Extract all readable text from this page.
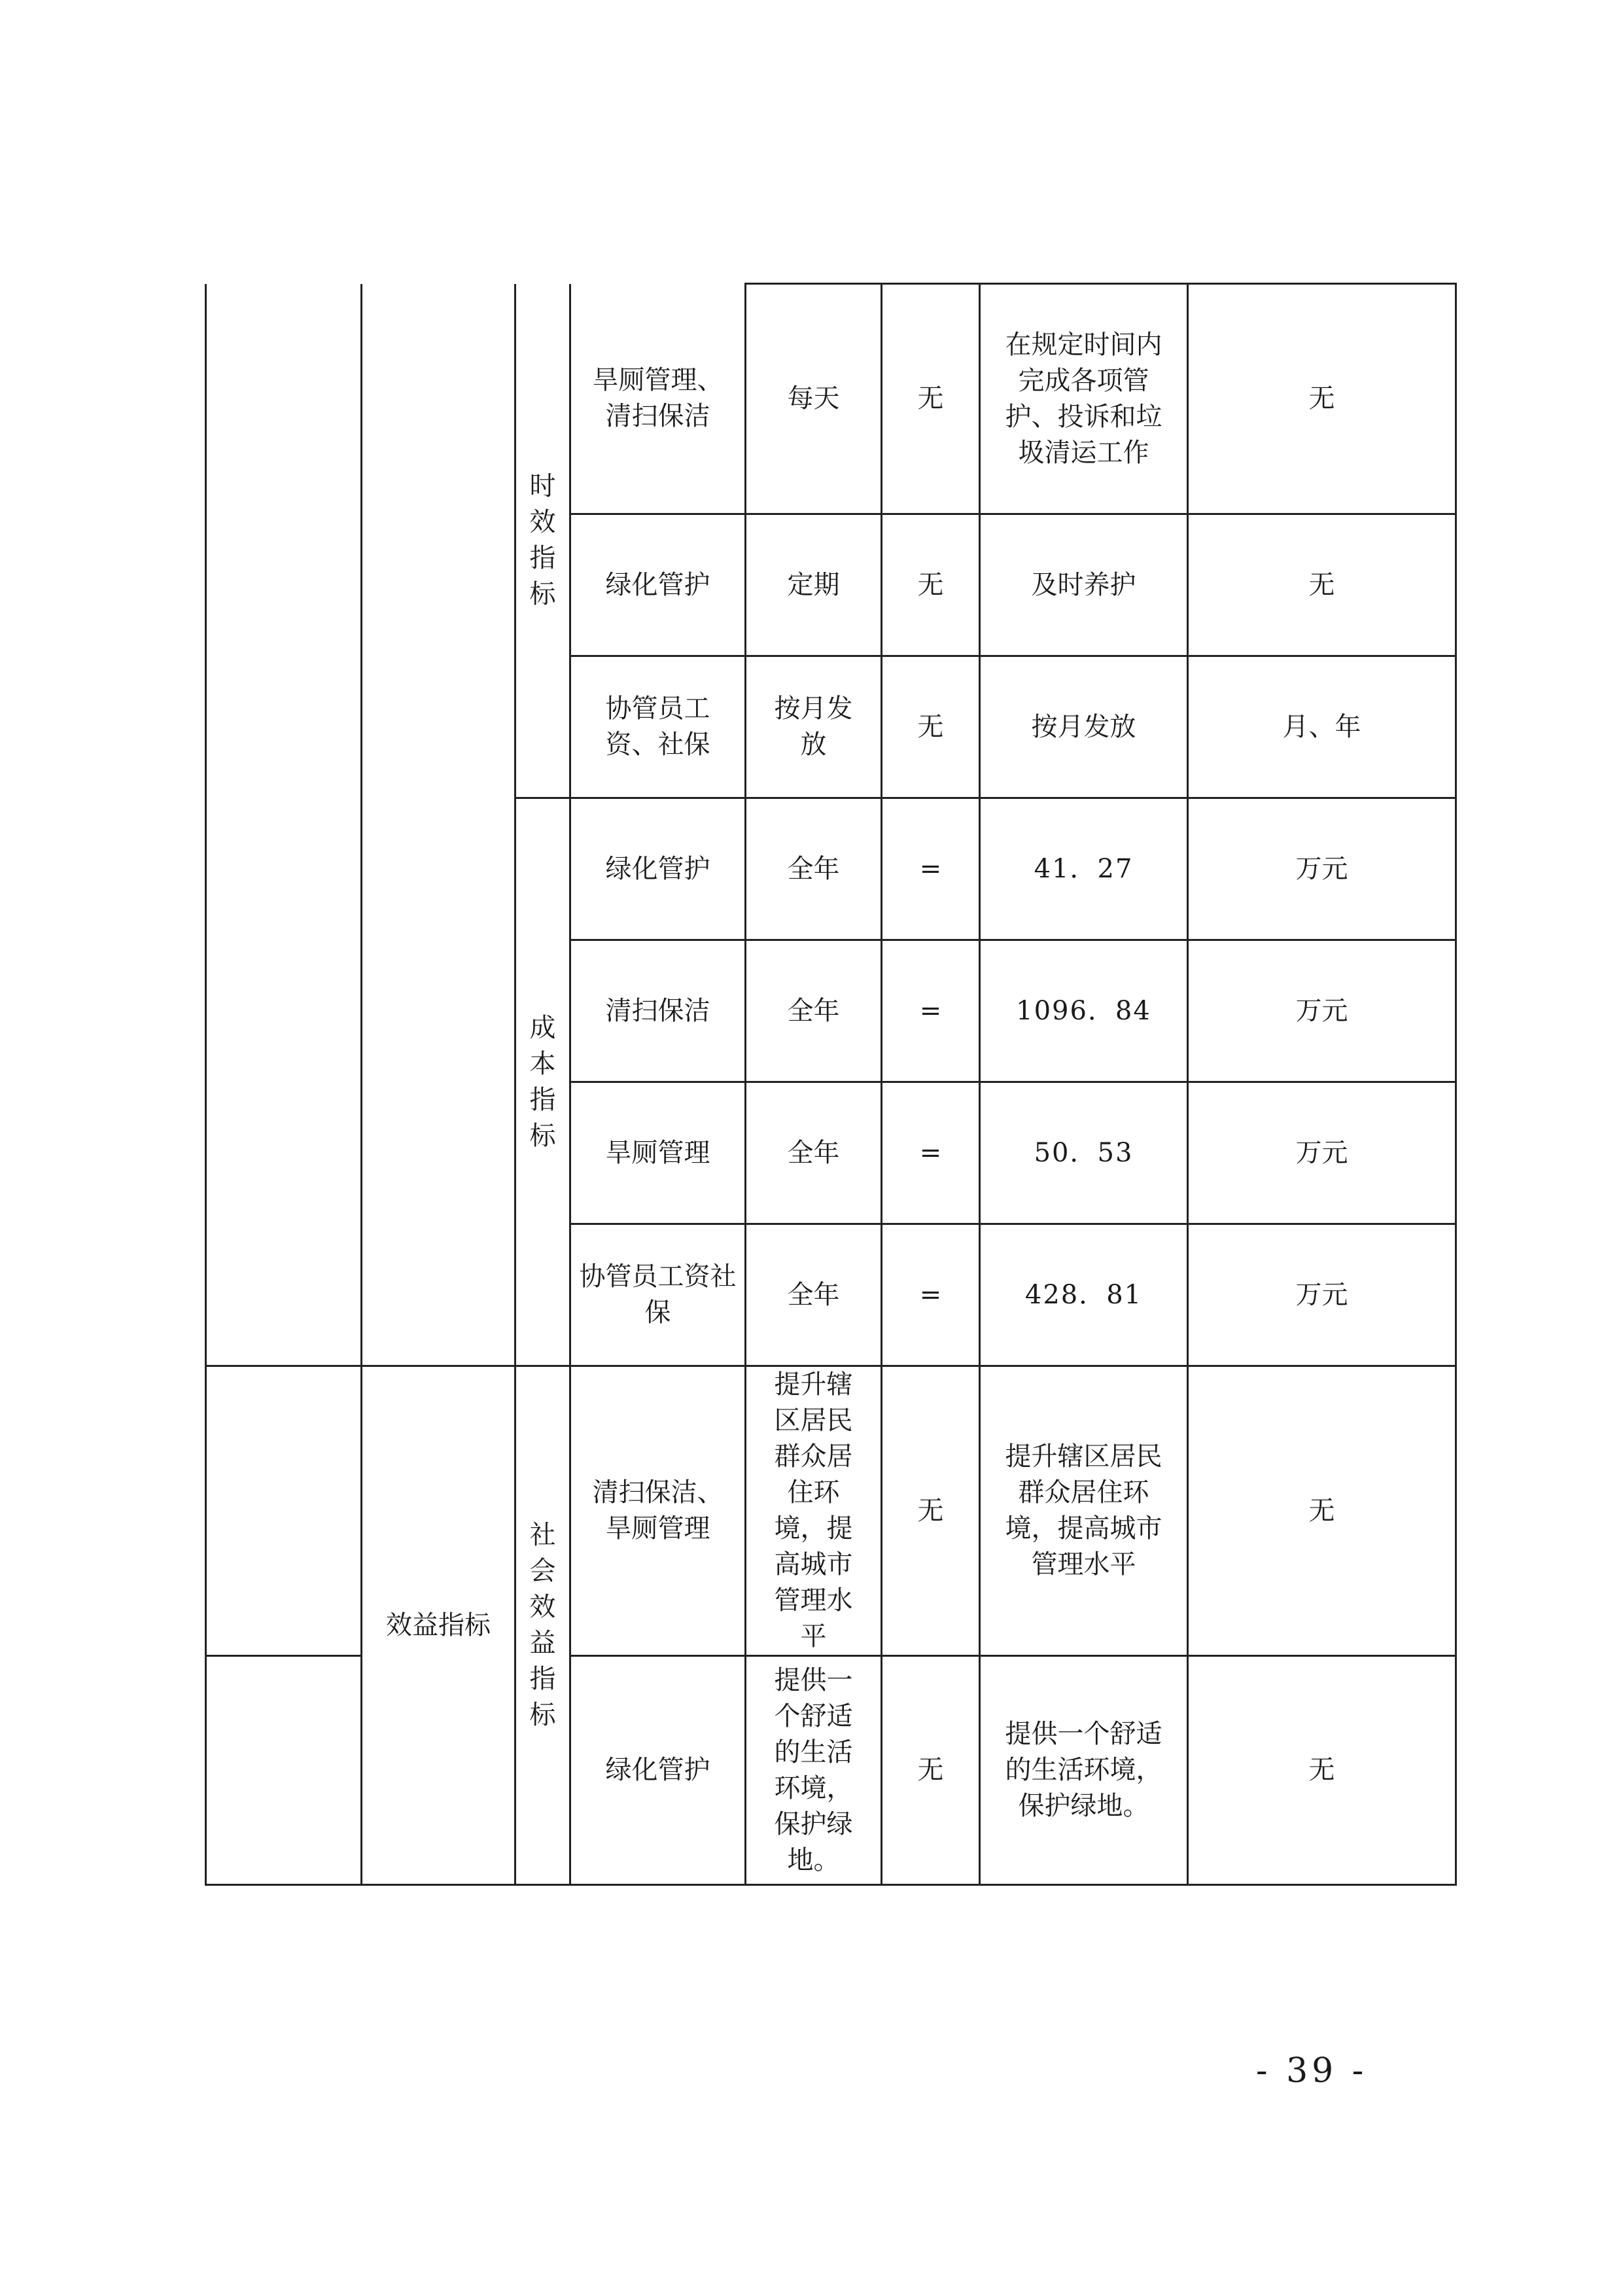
		时效指标	旱厕管理、清扫保洁	每天	无	在规定时间内完成各项管护、投诉和垃圾清运工作	无
			绿化管护	定期	无	及时养护	无

			协管员工资、社保	按月发放	无	按月发放	月、年

		成本指标	绿化管护	全年	=	41．27	万元
			清扫保洁	全年	=	1096．84	万元
			旱厕管理	全年	=	50．53	万元

			协管员工资社保	全年	=	428．81	万元
	效益指标	社会效益指标	清扫保洁、旱厕管理	提升辖区居民群众居住环境，提高城市管理水平	无	提升辖区居民群众居住环境，提高城市管理水平	无
			绿化管护	提供一个舒适的生活环境，保护绿地。	无	提供一个舒适的生活环境，保护绿地。	无
- 39 -
